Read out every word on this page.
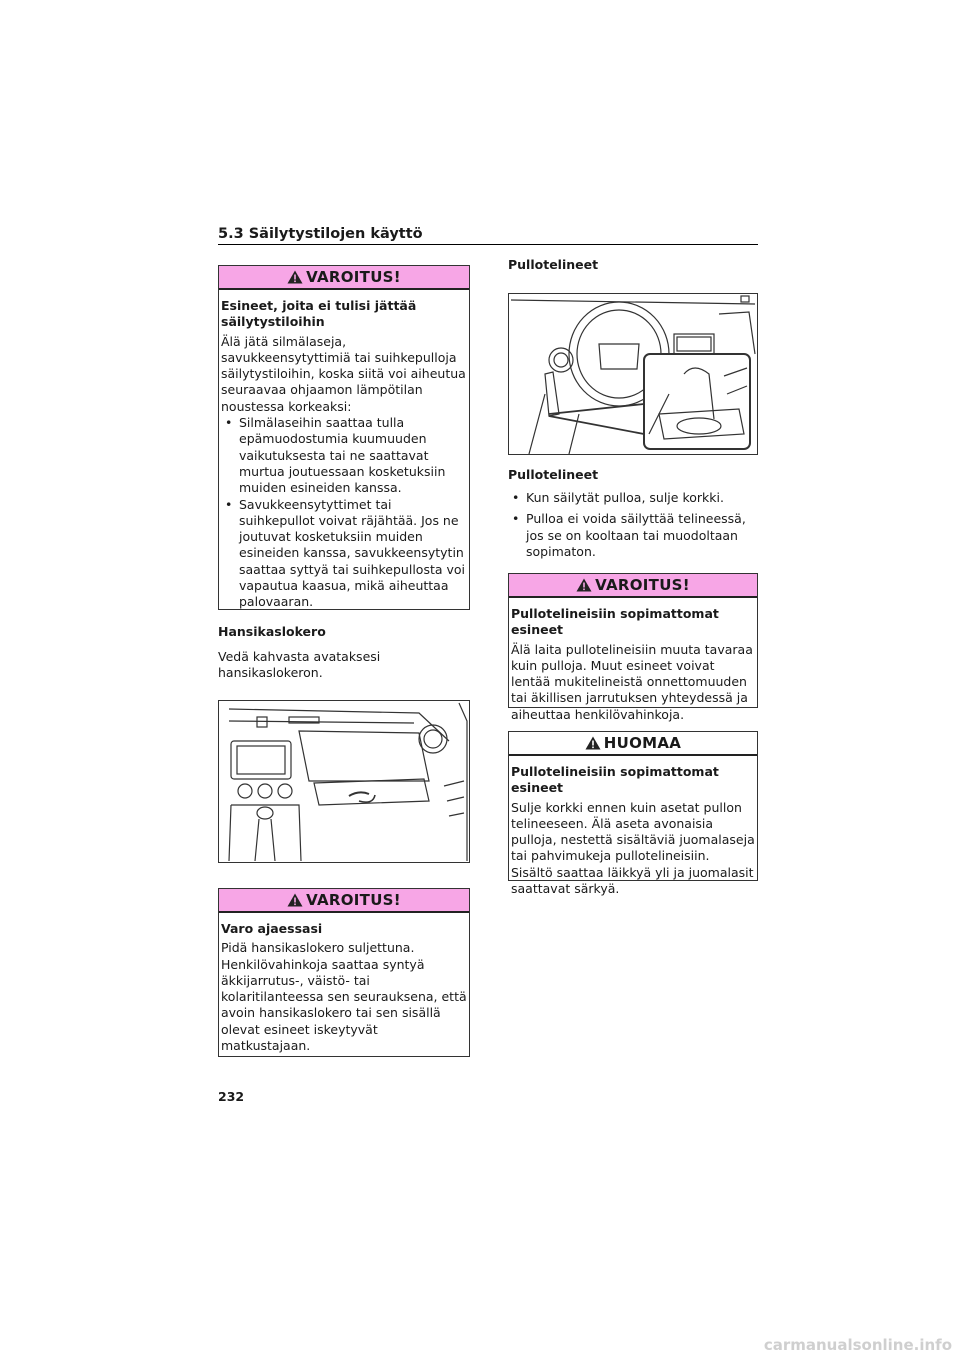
5.3 Säilytystilojen käyttö
VAROITUS!
Esineet, joita ei tulisi jättää säilytystiloihin
Älä jätä silmälaseja, savukkeensytyttimiä tai suihkepulloja säilytystiloihin, koska siitä voi aiheutua seuraavaa ohjaamon lämpötilan noustessa korkeaksi:

• Silmälaseihin saattaa tulla epämuodostumia kuumuuden vaikutuksesta tai ne saattavat murtua joutuessaan kosketuksiin muiden esineiden kanssa.

• Savukkeensytyttimet tai suihkepullot voivat räjähtää. Jos ne joutuvat kosketuksiin muiden esineiden kanssa, savukkeensytytin saattaa syttyä tai suihkepullosta voi vapautua kaasua, mikä aiheuttaa palovaaran.

Hansikaslokero
Vedä kahvasta avataksesi hansikaslokeron.
VAROITUS!
Varo ajaessasi
Pidä hansikaslokero suljettuna. Henkilövahinkoja saattaa syntyä äkkijarrutus-, väistö- tai kolaritilanteessa sen seurauksena, että avoin hansikaslokero tai sen sisällä olevat esineet iskeytyvät matkustajaan.
Pullotelineet
Pullotelineet

• Kun säilytät pulloa, sulje korkki.

• Pulloa ei voida säilyttää telineessä, jos se on kooltaan tai muodoltaan sopimaton.

VAROITUS!
Pullotelineisiin sopimattomat esineet
Älä laita pullotelineisiin muuta tavaraa kuin pulloja. Muut esineet voivat lentää mukitelineistä onnettomuuden tai äkillisen jarrutuksen yhteydessä ja aiheuttaa henkilövahinkoja.
HUOMAA
Pullotelineisiin sopimattomat esineet
Sulje korkki ennen kuin asetat pullon telineeseen. Älä aseta avonaisia pulloja, nestettä sisältäviä juomalaseja tai pahvimukeja pullotelineisiin. Sisältö saattaa läikkyä yli ja juomalasit saattavat särkyä.
232
carmanualsonline.info
